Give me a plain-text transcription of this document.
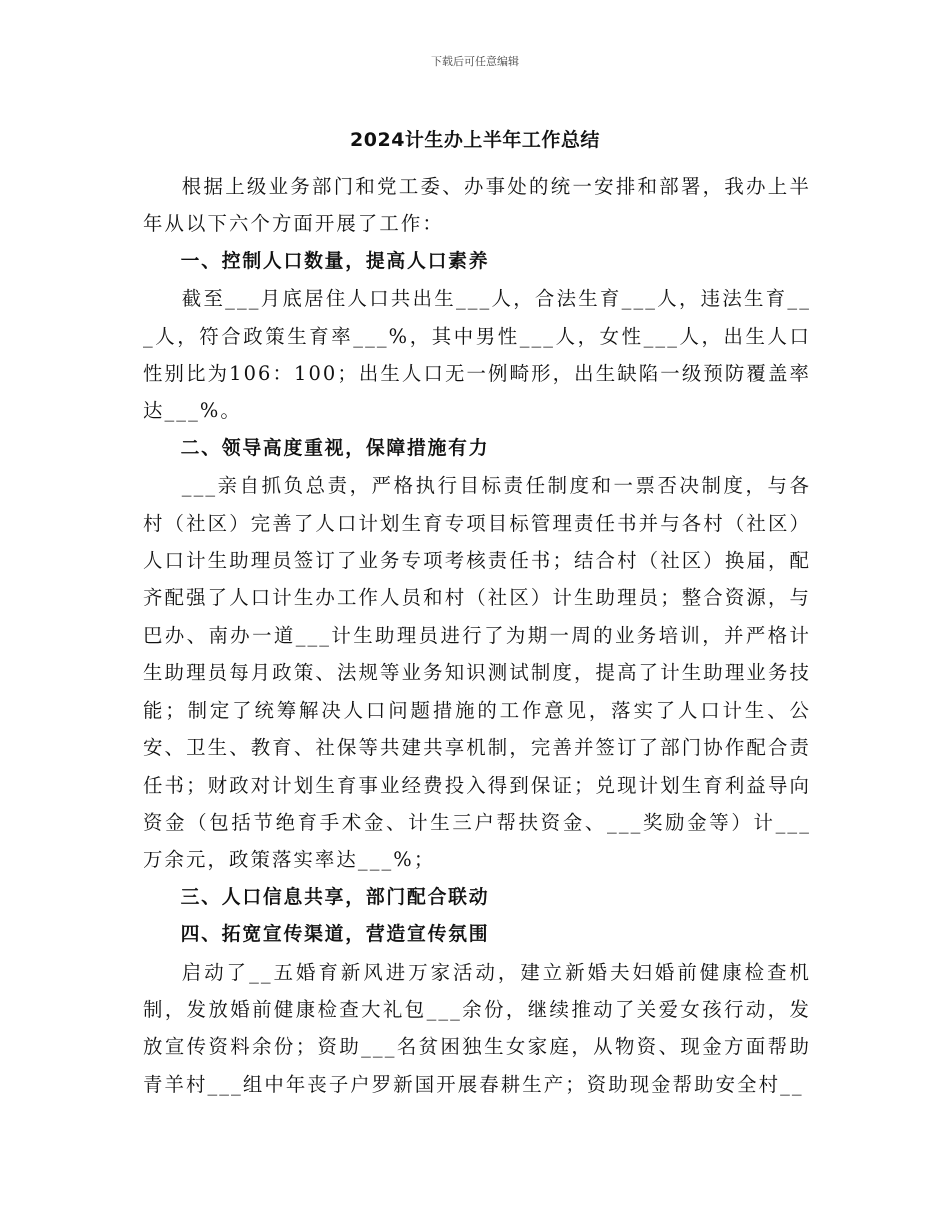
下载后可任意编辑
2024计生办上半年工作总结

根据上级业务部门和党工委、办事处的统一安排和部署，我办上半年从以下六个方面开展了工作：

一、控制人口数量，提高人口素养

截至___月底居住人口共出生___人，合法生育___人，违法生育___人，符合政策生育率___%，其中男性___人，女性___人，出生人口性别比为106：100；出生人口无一例畸形，出生缺陷一级预防覆盖率达___%。

二、领导高度重视，保障措施有力

___亲自抓负总责，严格执行目标责任制度和一票否决制度，与各村（社区）完善了人口计划生育专项目标管理责任书并与各村（社区）人口计生助理员签订了业务专项考核责任书；结合村（社区）换届，配齐配强了人口计生办工作人员和村（社区）计生助理员；整合资源，与巴办、南办一道___计生助理员进行了为期一周的业务培训，并严格计生助理员每月政策、法规等业务知识测试制度，提高了计生助理业务技能；制定了统筹解决人口问题措施的工作意见，落实了人口计生、公安、卫生、教育、社保等共建共享机制，完善并签订了部门协作配合责任书；财政对计划生育事业经费投入得到保证；兑现计划生育利益导向资金（包括节绝育手术金、计生三户帮扶资金、___奖励金等）计___万余元，政策落实率达___%；

三、人口信息共享，部门配合联动
四、拓宽宣传渠道，营造宣传氛围

启动了__五婚育新风进万家活动，建立新婚夫妇婚前健康检查机制，发放婚前健康检查大礼包___余份，继续推动了关爱女孩行动，发放宣传资料余份；资助___名贫困独生女家庭，从物资、现金方面帮助青羊村___组中年丧子户罗新国开展春耕生产；资助现金帮助安全村__
